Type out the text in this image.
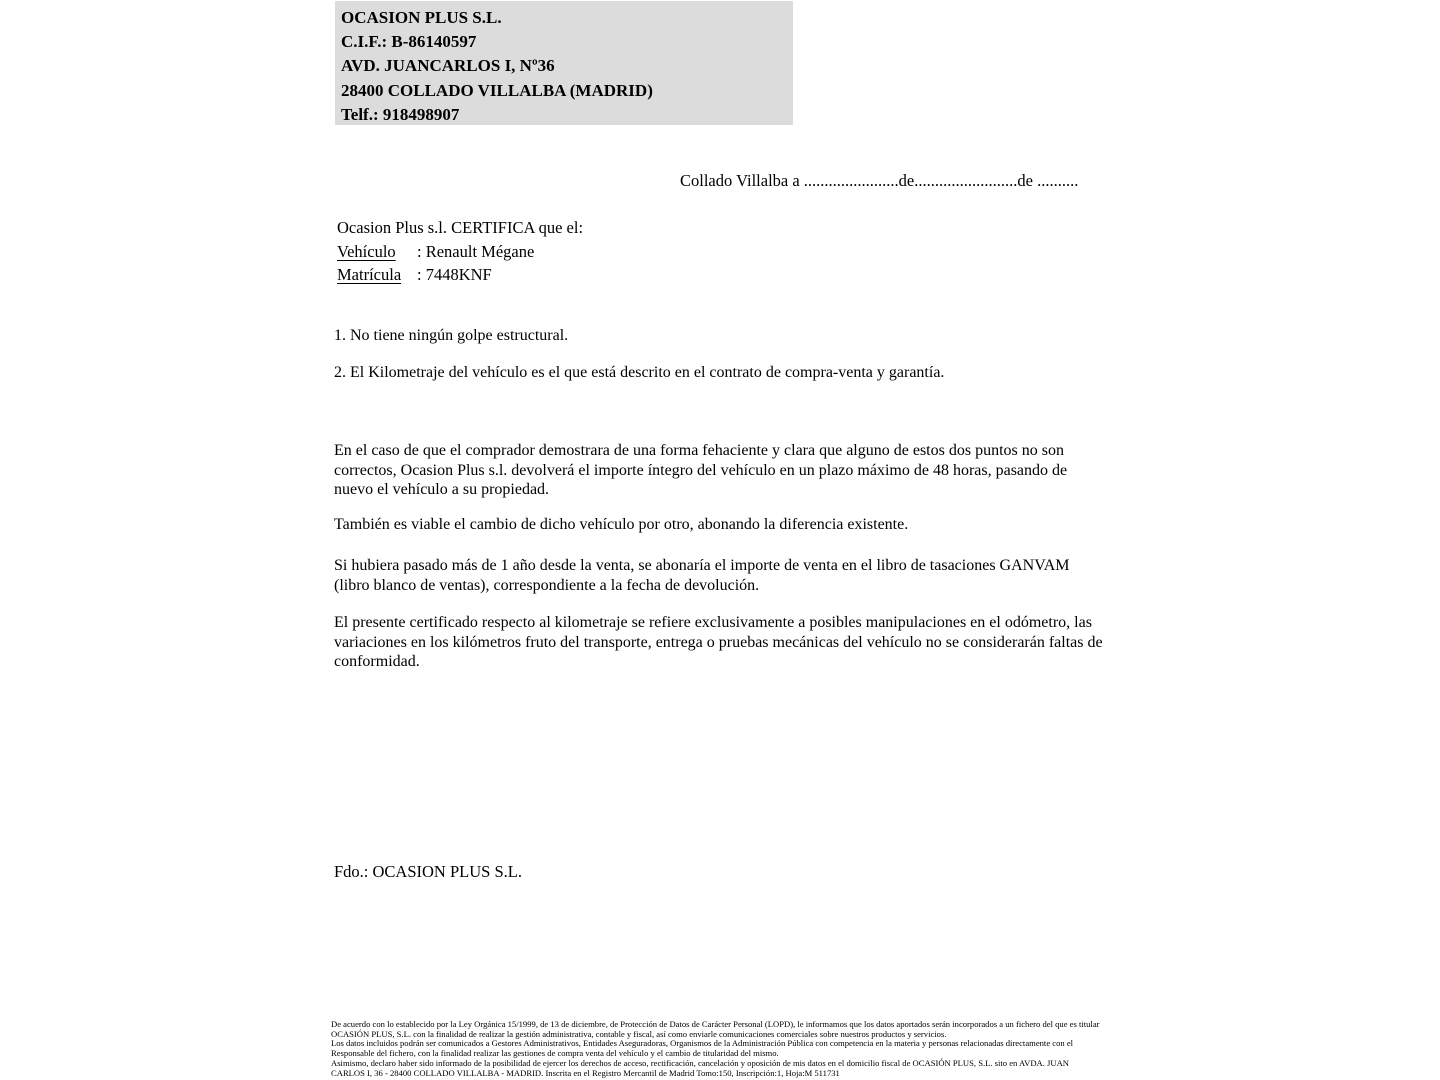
OCASION PLUS S.L.
C.I.F.: B-86140597
AVD. JUANCARLOS I, Nº36
28400 COLLADO VILLALBA (MADRID)
Telf.: 918498907
Collado Villalba a .......................de.........................de ..........
Ocasion Plus s.l. CERTIFICA que el:
Vehículo : Renault Mégane
Matrícula : 7448KNF
1. No tiene ningún golpe estructural.
2. El Kilometraje del vehículo es el que está descrito en el contrato de compra-venta y garantía.
En el caso de que el comprador demostrara de una forma fehaciente y clara que alguno de estos dos puntos no son correctos, Ocasion Plus s.l. devolverá el importe íntegro del vehículo en un plazo máximo de 48 horas, pasando de nuevo el vehículo a su propiedad.
También es viable el cambio de dicho vehículo por otro, abonando la diferencia existente.
Si hubiera pasado más de 1 año desde la venta, se abonaría el importe de venta en el libro de tasaciones GANVAM (libro blanco de ventas), correspondiente a la fecha de devolución.
El presente certificado respecto al kilometraje se refiere exclusivamente a posibles manipulaciones en el odómetro, las variaciones en los kilómetros fruto del transporte, entrega o pruebas mecánicas del vehículo no se considerarán faltas de conformidad.
Fdo.: OCASION PLUS S.L.
De acuerdo con lo establecido por la Ley Orgánica 15/1999, de 13 de diciembre, de Protección de Datos de Carácter Personal (LOPD), le informamos que los datos aportados serán incorporados a un fichero del que es titular
OCASIÓN PLUS, S.L. con la finalidad de realizar la gestión administrativa, contable y fiscal, así como enviarle comunicaciones comerciales sobre nuestros productos y servicios.
Los datos incluidos podrán ser comunicados a Gestores Administrativos, Entidades Aseguradoras, Organismos de la Administración Pública con competencia en la materia y personas relacionadas directamente con el
Responsable del fichero, con la finalidad realizar las gestiones de compra venta del vehículo y el cambio de titularidad del mismo.
Asimismo, declaro haber sido informado de la posibilidad de ejercer los derechos de acceso, rectificación, cancelación y oposición de mis datos en el domicilio fiscal de OCASIÓN PLUS, S.L. sito en AVDA. JUAN
CARLOS I, 36 - 28400 COLLADO VILLALBA - MADRID. Inscrita en el Registro Mercantil de Madrid Tomo:150, Inscripción:1, Hoja:M 511731
